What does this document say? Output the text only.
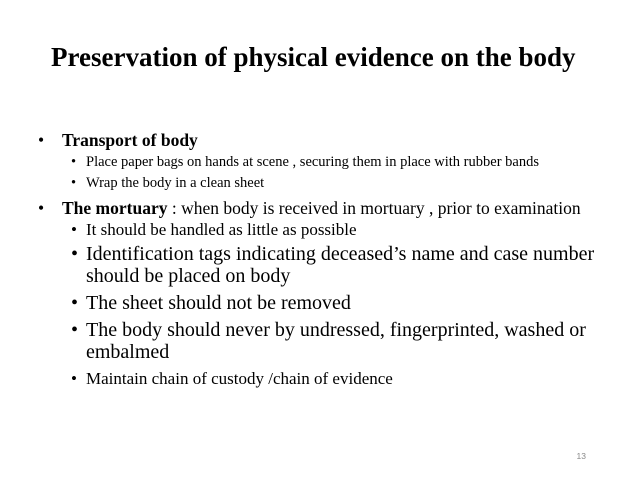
Preservation of physical evidence on the body
• Transport of body
• Place paper bags on hands at scene , securing them in place with rubber bands
• Wrap the body in a clean sheet
• The mortuary : when body is received in mortuary , prior to examination
• It should be handled as little as possible
• Identification tags indicating deceased’s name and case number should be placed on body
• The sheet should not be removed
• The body should never by undressed, fingerprinted, washed or embalmed
• Maintain chain of custody /chain of evidence
13
